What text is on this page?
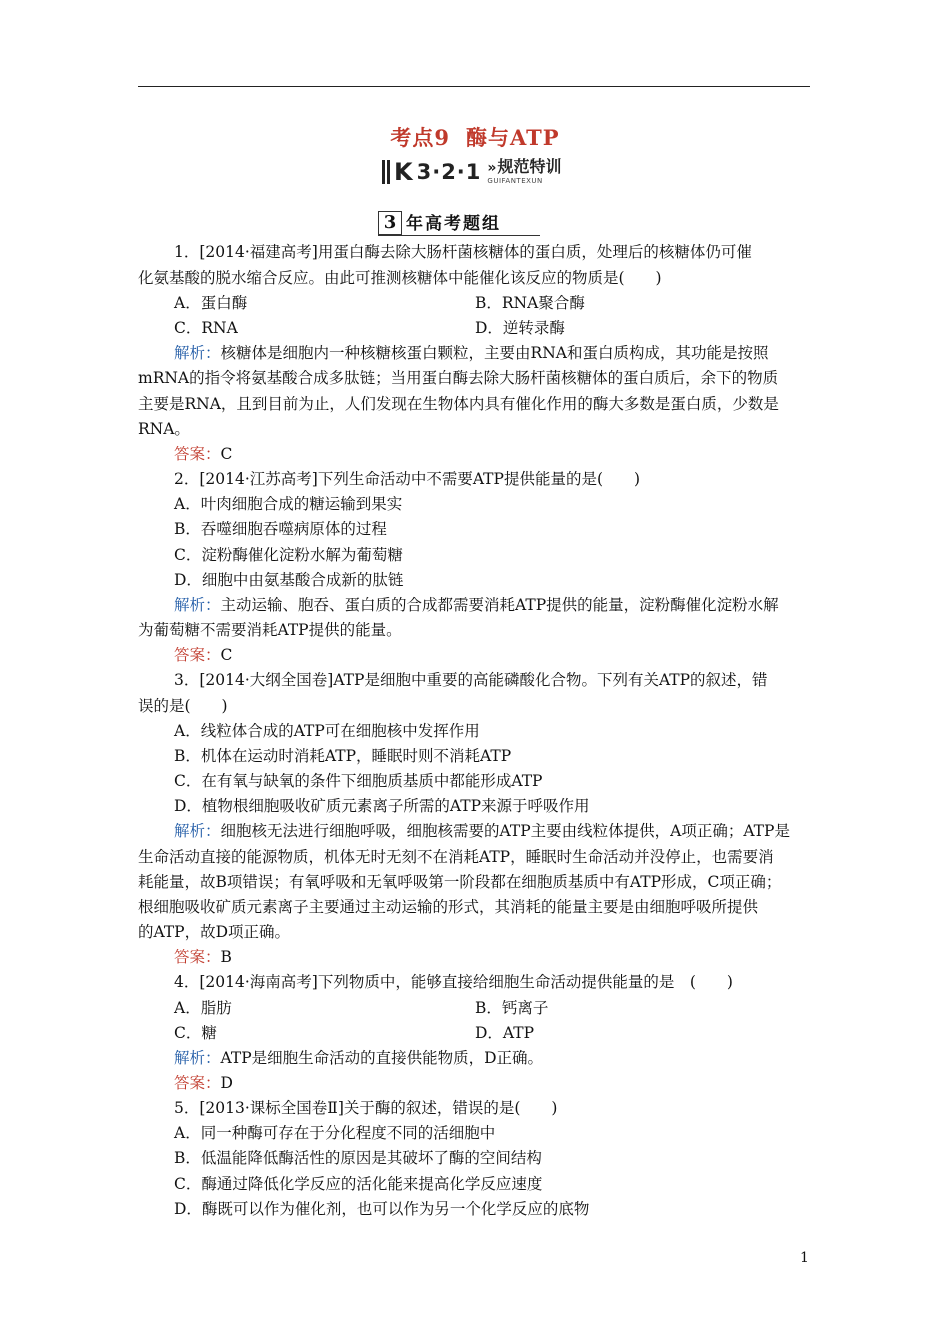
考点9 酶与ATP
K 3·2·1 »规范特训
GUIFANTEXUN
3 年高考题组
1．[2014·福建高考]用蛋白酶去除大肠杆菌核糖体的蛋白质，处理后的核糖体仍可催
化氨基酸的脱水缩合反应。由此可推测核糖体中能催化该反应的物质是(　　)
A．蛋白酶	B．RNA聚合酶
C．RNA	D．逆转录酶
解析：核糖体是细胞内一种核糖核蛋白颗粒，主要由RNA和蛋白质构成，其功能是按照
mRNA的指令将氨基酸合成多肽链；当用蛋白酶去除大肠杆菌核糖体的蛋白质后，余下的物质
主要是RNA，且到目前为止，人们发现在生物体内具有催化作用的酶大多数是蛋白质，少数是
RNA。
答案：C
2．[2014·江苏高考]下列生命活动中不需要ATP提供能量的是(　　)
A．叶肉细胞合成的糖运输到果实
B．吞噬细胞吞噬病原体的过程
C．淀粉酶催化淀粉水解为葡萄糖
D．细胞中由氨基酸合成新的肽链
解析：主动运输、胞吞、蛋白质的合成都需要消耗ATP提供的能量，淀粉酶催化淀粉水解
为葡萄糖不需要消耗ATP提供的能量。
答案：C
3．[2014·大纲全国卷]ATP是细胞中重要的高能磷酸化合物。下列有关ATP的叙述，错
误的是(　　)
A．线粒体合成的ATP可在细胞核中发挥作用
B．机体在运动时消耗ATP，睡眠时则不消耗ATP
C．在有氧与缺氧的条件下细胞质基质中都能形成ATP
D．植物根细胞吸收矿质元素离子所需的ATP来源于呼吸作用
解析：细胞核无法进行细胞呼吸，细胞核需要的ATP主要由线粒体提供，A项正确；ATP是
生命活动直接的能源物质，机体无时无刻不在消耗ATP，睡眠时生命活动并没停止，也需要消
耗能量，故B项错误；有氧呼吸和无氧呼吸第一阶段都在细胞质基质中有ATP形成，C项正确；
根细胞吸收矿质元素离子主要通过主动运输的形式，其消耗的能量主要是由细胞呼吸所提供
的ATP，故D项正确。
答案：B
4．[2014·海南高考]下列物质中，能够直接给细胞生命活动提供能量的是　(　　)
A．脂肪	B．钙离子
C．糖	D．ATP
解析：ATP是细胞生命活动的直接供能物质，D正确。
答案：D
5．[2013·课标全国卷Ⅱ]关于酶的叙述，错误的是(　　)
A．同一种酶可存在于分化程度不同的活细胞中
B．低温能降低酶活性的原因是其破坏了酶的空间结构
C．酶通过降低化学反应的活化能来提高化学反应速度
D．酶既可以作为催化剂，也可以作为另一个化学反应的底物
1
